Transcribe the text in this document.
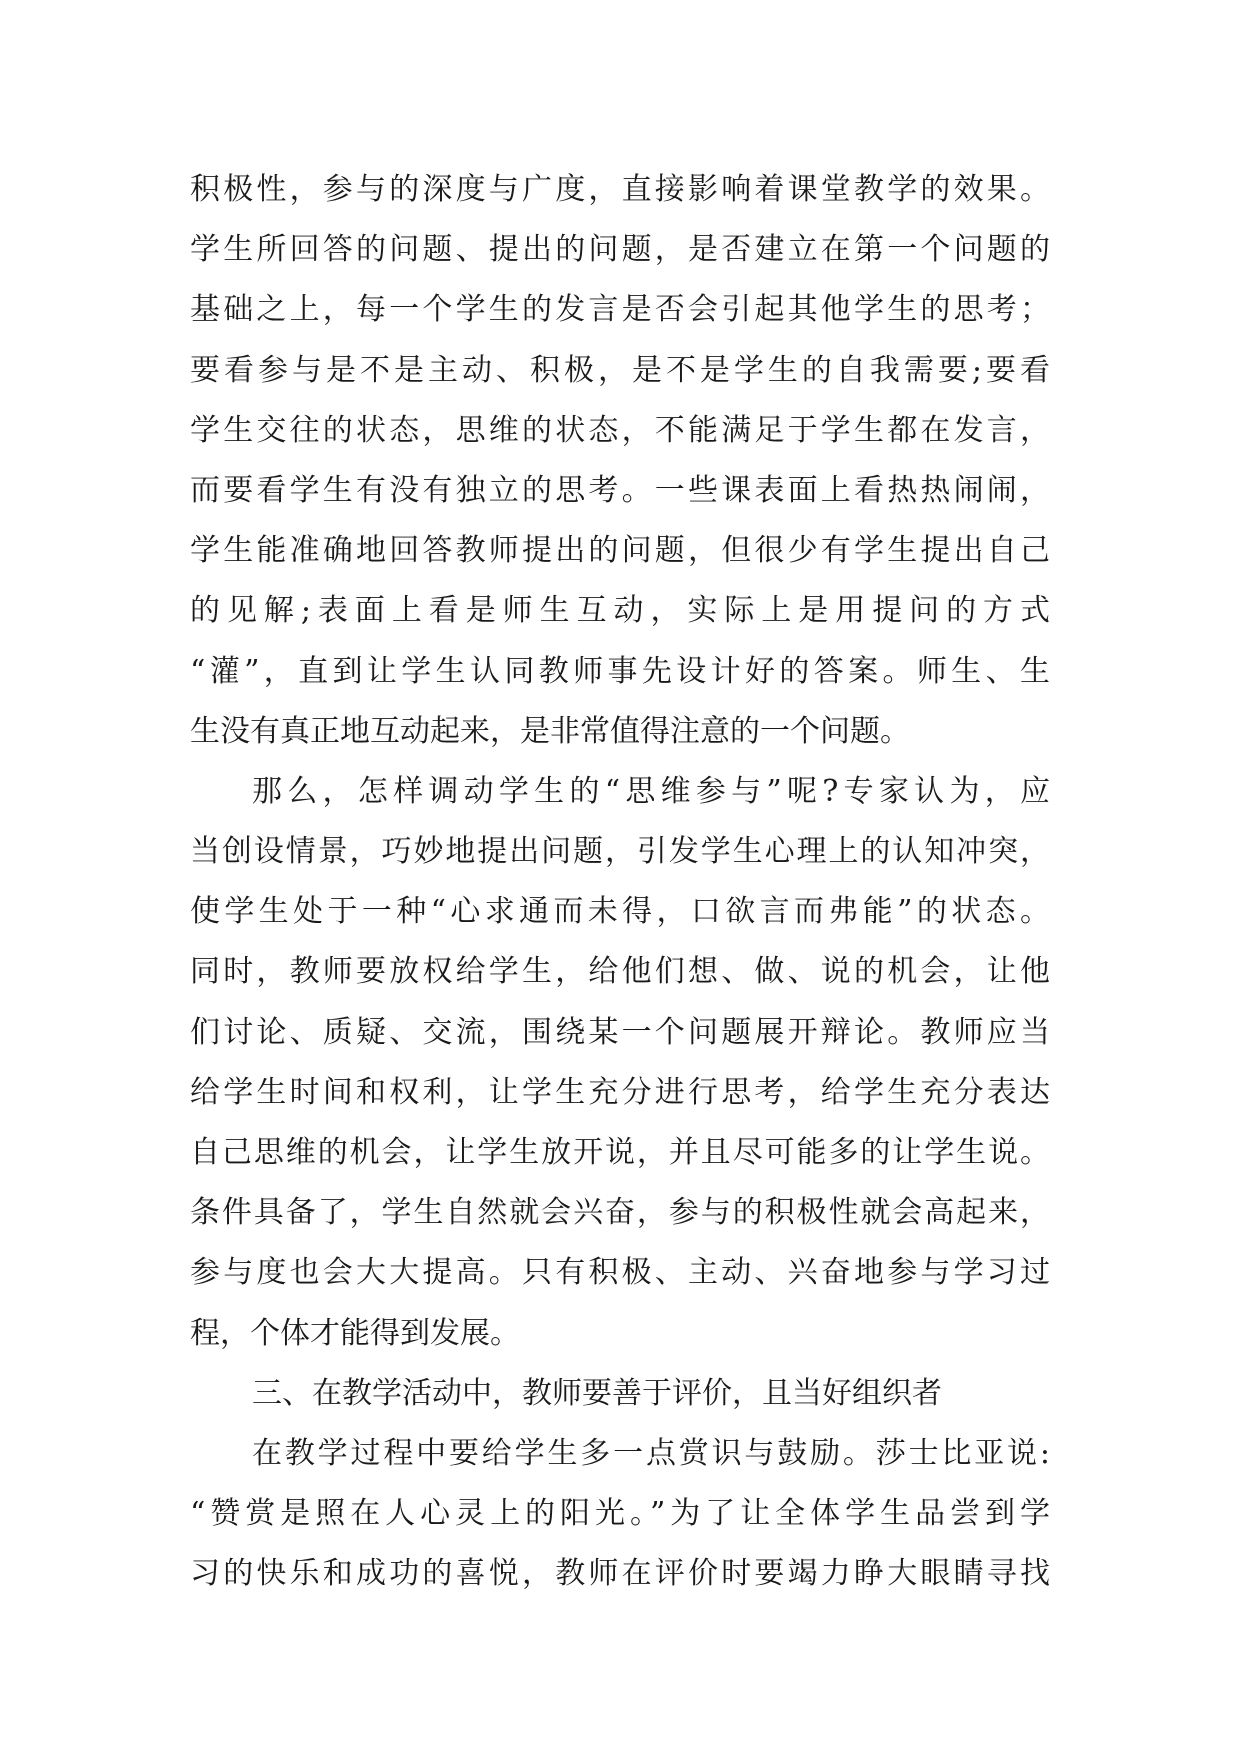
积极性，参与的深度与广度，直接影响着课堂教学的效果。
学生所回答的问题、提出的问题，是否建立在第一个问题的
基础之上，每一个学生的发言是否会引起其他学生的思考；
要看参与是不是主动、积极，是不是学生的自我需要;要看
学生交往的状态，思维的状态，不能满足于学生都在发言，
而要看学生有没有独立的思考。一些课表面上看热热闹闹，
学生能准确地回答教师提出的问题，但很少有学生提出自己
的见解;表面上看是师生互动，实际上是用提问的方式
“灌”，直到让学生认同教师事先设计好的答案。师生、生
生没有真正地互动起来，是非常值得注意的一个问题。
那么，怎样调动学生的“思维参与”呢?专家认为，应
当创设情景，巧妙地提出问题，引发学生心理上的认知冲突，
使学生处于一种“心求通而未得，口欲言而弗能”的状态。
同时，教师要放权给学生，给他们想、做、说的机会，让他
们讨论、质疑、交流，围绕某一个问题展开辩论。教师应当
给学生时间和权利，让学生充分进行思考，给学生充分表达
自己思维的机会，让学生放开说，并且尽可能多的让学生说。
条件具备了，学生自然就会兴奋，参与的积极性就会高起来，
参与度也会大大提高。只有积极、主动、兴奋地参与学习过
程，个体才能得到发展。
三、在教学活动中，教师要善于评价，且当好组织者
在教学过程中要给学生多一点赏识与鼓励。莎士比亚说:
“赞赏是照在人心灵上的阳光。”为了让全体学生品尝到学
习的快乐和成功的喜悦，教师在评价时要竭力睁大眼睛寻找
